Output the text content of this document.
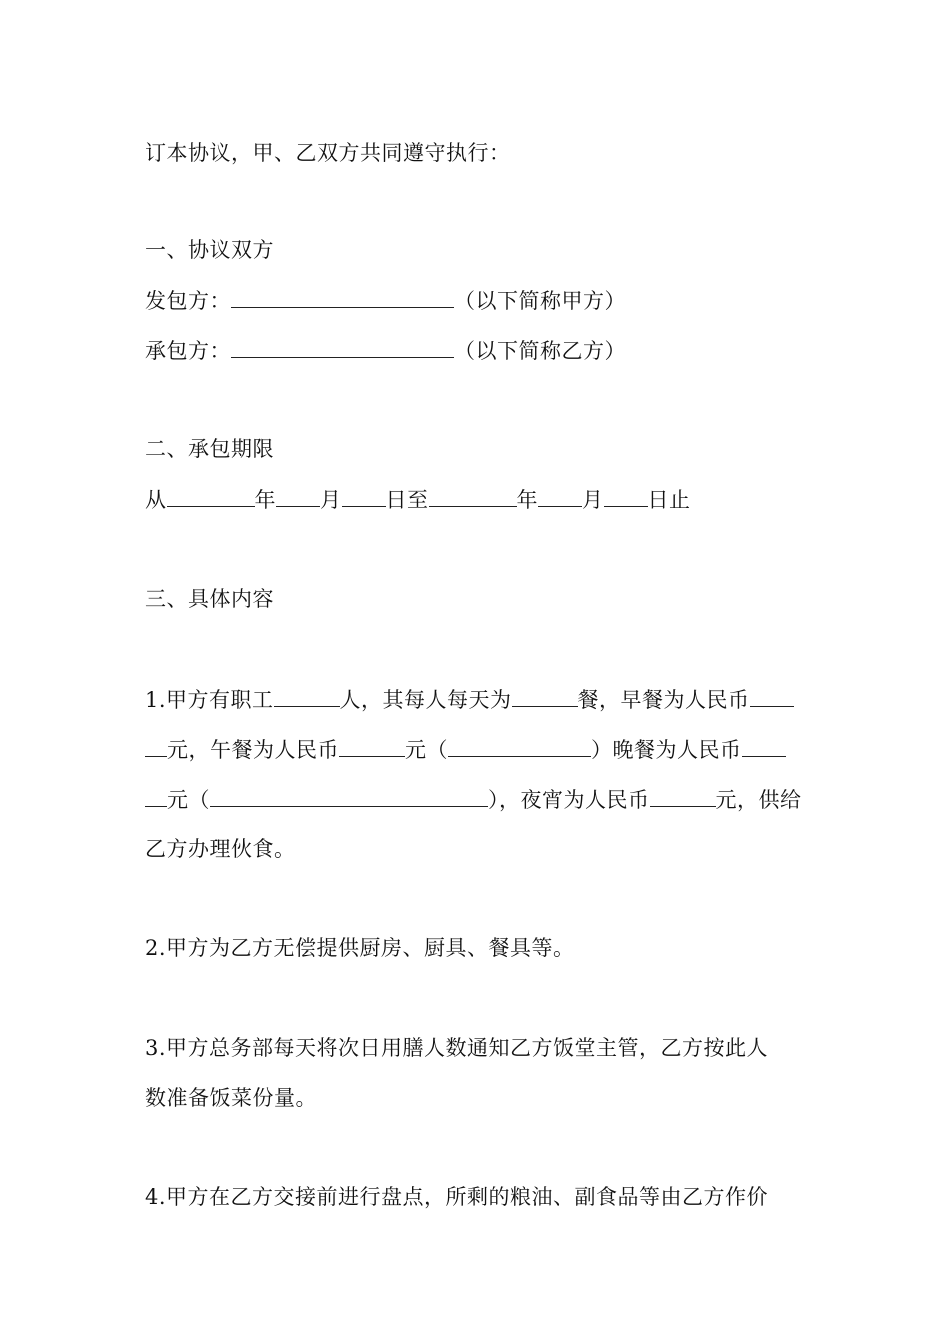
订本协议，甲、乙双方共同遵守执行：
一、协议双方
发包方：	（以下简称甲方）
承包方：	（以下简称乙方）
二、承包期限
从	年 月 日至	年 月 日止
三、具体内容
1.甲方有职工	人，其每人每天为	餐，早餐为人民币
元，午餐为人民币	元（	）晚餐为人民币
元（	），夜宵为人民币	元，供给
乙方办理伙食。
2.甲方为乙方无偿提供厨房、厨具、餐具等。
3.甲方总务部每天将次日用膳人数通知乙方饭堂主管，乙方按此人
数准备饭菜份量。
4.甲方在乙方交接前进行盘点，所剩的粮油、副食品等由乙方作价
